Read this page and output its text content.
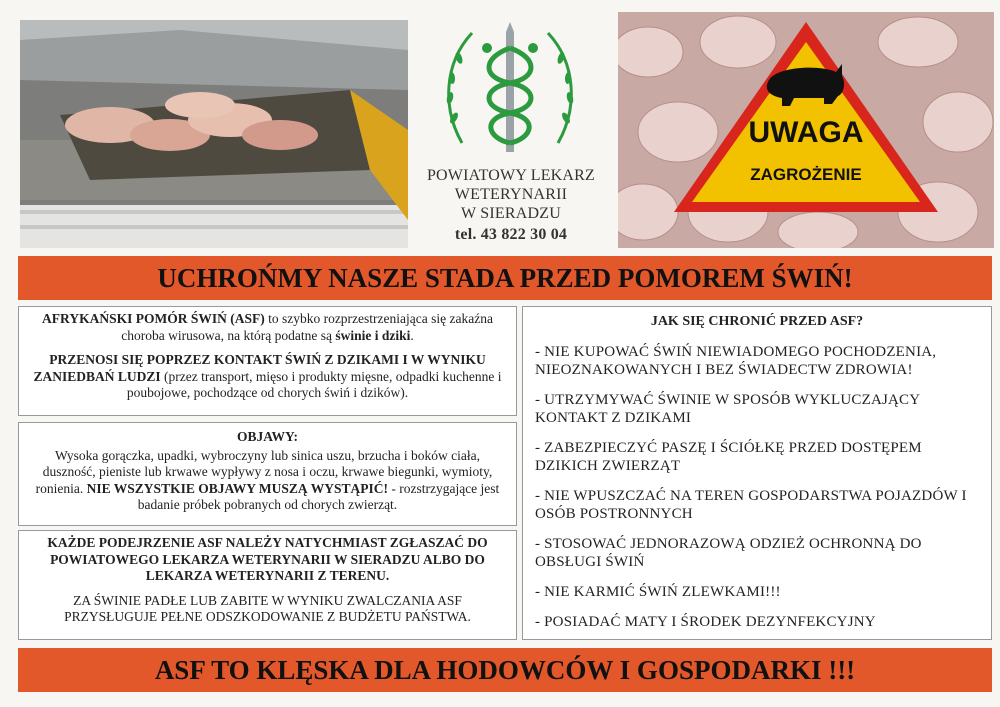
POWIATOWY LEKARZ
WETERYNARII
W SIERADZU
tel. 43 822 30 04
UWAGA
ZAGROŻENIE
UCHROŃMY NASZE STADA PRZED POMOREM ŚWIŃ!

AFRYKAŃSKI POMÓR ŚWIŃ (ASF) to szybko rozprzestrzeniająca się zakaźna choroba wirusowa, na którą podatne są świnie i dziki.

PRZENOSI SIĘ POPRZEZ KONTAKT ŚWIŃ Z DZIKAMI I W WYNIKU ZANIEDBAŃ LUDZI (przez transport, mięso i produkty mięsne, odpadki kuchenne i poubojowe, pochodzące od chorych świń i dzików).

OBJAWY:
Wysoka gorączka, upadki, wybroczyny lub sinica uszu, brzucha i boków ciała, duszność, pieniste lub krwawe wypływy z nosa i oczu, krwawe biegunki, wymioty, ronienia. NIE WSZYSTKIE OBJAWY MUSZĄ WYSTĄPIĆ! - rozstrzygające jest badanie próbek pobranych od chorych zwierząt.

KAŻDE PODEJRZENIE ASF NALEŻY NATYCHMIAST ZGŁASZAĆ DO POWIATOWEGO LEKARZA WETERYNARII W SIERADZU ALBO DO LEKARZA WETERYNARII Z TERENU.

ZA ŚWINIE PADŁE LUB ZABITE W WYNIKU ZWALCZANIA ASF PRZYSŁUGUJE PEŁNE ODSZKODOWANIE Z BUDŻETU PAŃSTWA.

JAK SIĘ CHRONIĆ PRZED ASF?
- NIE KUPOWAĆ ŚWIŃ NIEWIADOMEGO POCHODZENIA, NIEOZNAKOWANYCH I BEZ ŚWIADECTW ZDROWIA!
- UTRZYMYWAĆ ŚWINIE W SPOSÓB WYKLUCZAJĄCY KONTAKT Z DZIKAMI
- ZABEZPIECZYĆ PASZĘ I ŚCIÓŁKĘ PRZED DOSTĘPEM DZIKICH ZWIERZĄT
- NIE WPUSZCZAĆ NA TEREN GOSPODARSTWA POJAZDÓW I OSÓB POSTRONNYCH
- STOSOWAĆ JEDNORAZOWĄ ODZIEŻ OCHRONNĄ DO OBSŁUGI ŚWIŃ
- NIE KARMIĆ ŚWIŃ ZLEWKAMI!!!
- POSIADAĆ MATY I ŚRODEK DEZYNFEKCYJNY
ASF TO KLĘSKA DLA HODOWCÓW I GOSPODARKI !!!
